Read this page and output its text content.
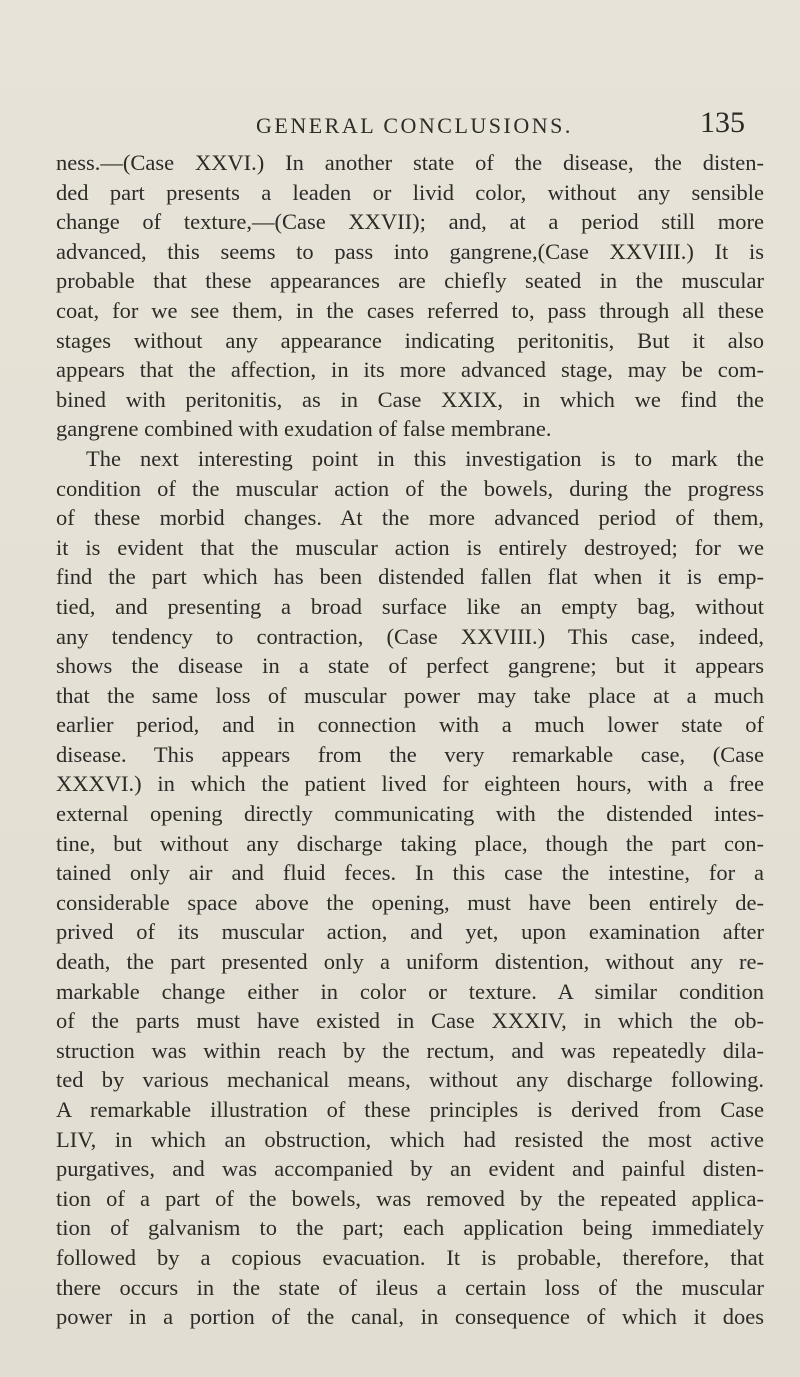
GENERAL CONCLUSIONS.	135
ness.—(Case XXVI.) In another state of the disease, the disten-
ded part presents a leaden or livid color, without any sensible
change of texture,—(Case XXVII); and, at a period still more
advanced, this seems to pass into gangrene,(Case XXVIII.) It is
probable that these appearances are chiefly seated in the muscular
coat, for we see them, in the cases referred to, pass through all these
stages without any appearance indicating peritonitis, But it also
appears that the affection, in its more advanced stage, may be com-
bined with peritonitis, as in Case XXIX, in which we find the
gangrene combined with exudation of false membrane.
The next interesting point in this investigation is to mark the
condition of the muscular action of the bowels, during the progress
of these morbid changes. At the more advanced period of them,
it is evident that the muscular action is entirely destroyed; for we
find the part which has been distended fallen flat when it is emp-
tied, and presenting a broad surface like an empty bag, without
any tendency to contraction, (Case XXVIII.) This case, indeed,
shows the disease in a state of perfect gangrene; but it appears
that the same loss of muscular power may take place at a much
earlier period, and in connection with a much lower state of
disease. This appears from the very remarkable case, (Case
XXXVI.) in which the patient lived for eighteen hours, with a free
external opening directly communicating with the distended intes-
tine, but without any discharge taking place, though the part con-
tained only air and fluid feces. In this case the intestine, for a
considerable space above the opening, must have been entirely de-
prived of its muscular action, and yet, upon examination after
death, the part presented only a uniform distention, without any re-
markable change either in color or texture. A similar condition
of the parts must have existed in Case XXXIV, in which the ob-
struction was within reach by the rectum, and was repeatedly dila-
ted by various mechanical means, without any discharge following.
A remarkable illustration of these principles is derived from Case
LIV, in which an obstruction, which had resisted the most active
purgatives, and was accompanied by an evident and painful disten-
tion of a part of the bowels, was removed by the repeated applica-
tion of galvanism to the part; each application being immediately
followed by a copious evacuation. It is probable, therefore, that
there occurs in the state of ileus a certain loss of the muscular
power in a portion of the canal, in consequence of which it does
